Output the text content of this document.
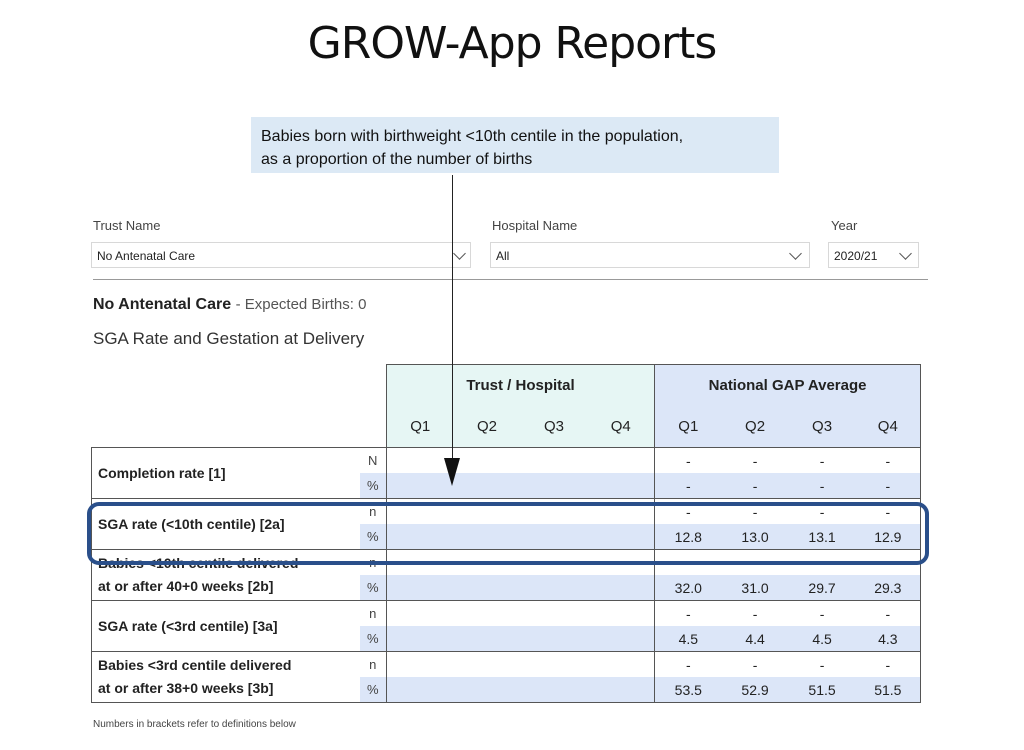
GROW-App Reports
Babies born with birthweight <10th centile in the population,
as a proportion of the number of births
Trust Name
No Antenatal Care
Hospital Name
All
Year
2020/21
No Antenatal Care - Expected Births: 0
SGA Rate and Gestation at Delivery
		Trust / Hospital				National GAP Average			
		Q1	Q2	Q3	Q4	Q1	Q2	Q3	Q4
Completion rate [1]	N					-	-	-	-
	%					-	-	-	-
SGA rate (<10th centile) [2a]	n					-	-	-	-
	%					12.8	13.0	13.1	12.9
Babies <10th centile delivered
at or after 40+0 weeks [2b]	n					-	-	-	-
	%					32.0	31.0	29.7	29.3
SGA rate (<3rd centile) [3a]	n					-	-	-	-
	%					4.5	4.4	4.5	4.3
Babies <3rd centile delivered
at or after 38+0 weeks [3b]	n					-	-	-	-
	%					53.5	52.9	51.5	51.5
Numbers in brackets refer to definitions below
